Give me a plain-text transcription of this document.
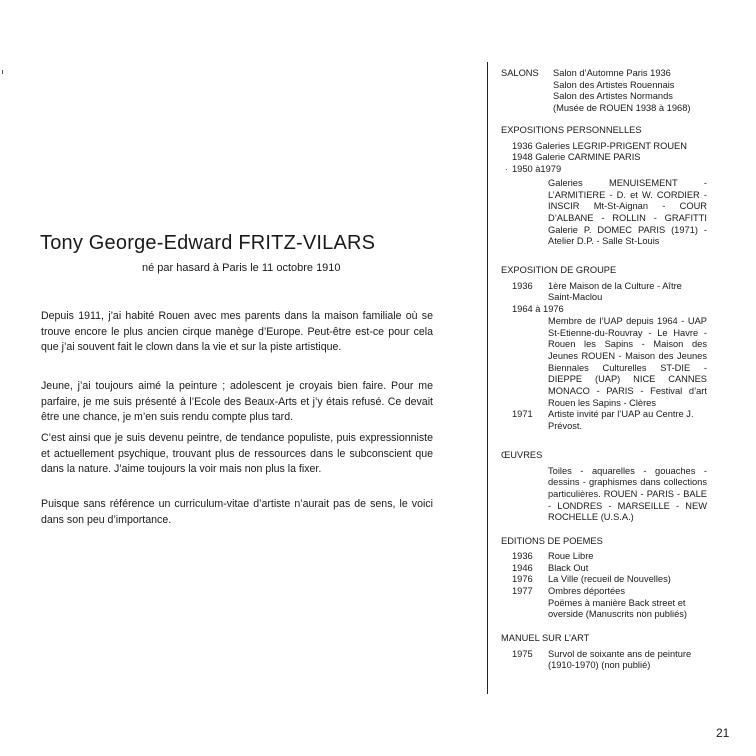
Tony George-Edward FRITZ-VILARS
né par hasard à Paris le 11 octobre 1910

Depuis 1911, j’ai habité Rouen avec mes parents dans la maison familiale où se trouve encore le plus ancien cirque manège d’Europe. Peut-être est-ce pour cela que j’ai souvent fait le clown dans la vie et sur la piste artistique.

Jeune, j’ai toujours aimé la peinture ; adolescent je croyais bien faire. Pour me parfaire, je me suis présenté à l’Ecole des Beaux-Arts et j’y étais refusé. Ce devait être une chance, je m’en suis rendu compte plus tard.

C’est ainsi que je suis devenu peintre, de tendance populiste, puis expressionniste et actuellement psychique, trouvant plus de ressources dans le subconscient que dans la nature. J’aime toujours la voir mais non plus la fixer.

Puisque sans référence un curriculum-vitae d’artiste n’aurait pas de sens, le voici dans son peu d’importance.

·
SALONS Salon d’Automne Paris 1936
Salon des Artistes Rouennais
Salon des Artistes Normands
(Musée de ROUEN 1938 à 1968)
EXPOSITIONS PERSONNELLES
1936 Galeries LEGRIP-PRIGENT ROUEN
1948 Galerie CARMINE PARIS
1950 à1979
Galeries MENUISEMENT - L’ARMITIERE - D. et W. CORDIER - INSCIR Mt-St-Aignan - COUR D’ALBANE - ROLLIN - GRAFITTI Galerie P. DOMEC PARIS (1971) - Atelier D.P. - Salle St-Louis
EXPOSITION DE GROUPE
1936 1ère Maison de la Culture - Aître Saint-Maclou
1964 à 1976
Membre de l’UAP depuis 1964 - UAP St-Etienne-du-Rouvray - Le Havre - Rouen les Sapins - Maison des Jeunes ROUEN - Maison des Jeunes Biennales Culturelles ST-DIE - DIEPPE (UAP) NICE CANNES MONACO - PARIS - Festival d’art Rouen les Sapins - Clères
1971 Artiste invité par l’UAP au Centre J. Prévost.
ŒUVRES
Toiles - aquarelles - gouaches - dessins - graphismes dans collections particulières. ROUEN - PARIS - BALE - LONDRES - MARSEILLE - NEW ROCHELLE (U.S.A.)
EDITIONS DE POEMES
1936 Roue Libre
1946 Black Out
1976 La Ville (recueil de Nouvelles)
1977 Ombres déportées
Poëmes à manière Back street et overside (Manuscrits non publiés)
MANUEL SUR L’ART
1975 Survol de soixante ans de peinture (1910-1970) (non publié)
21
